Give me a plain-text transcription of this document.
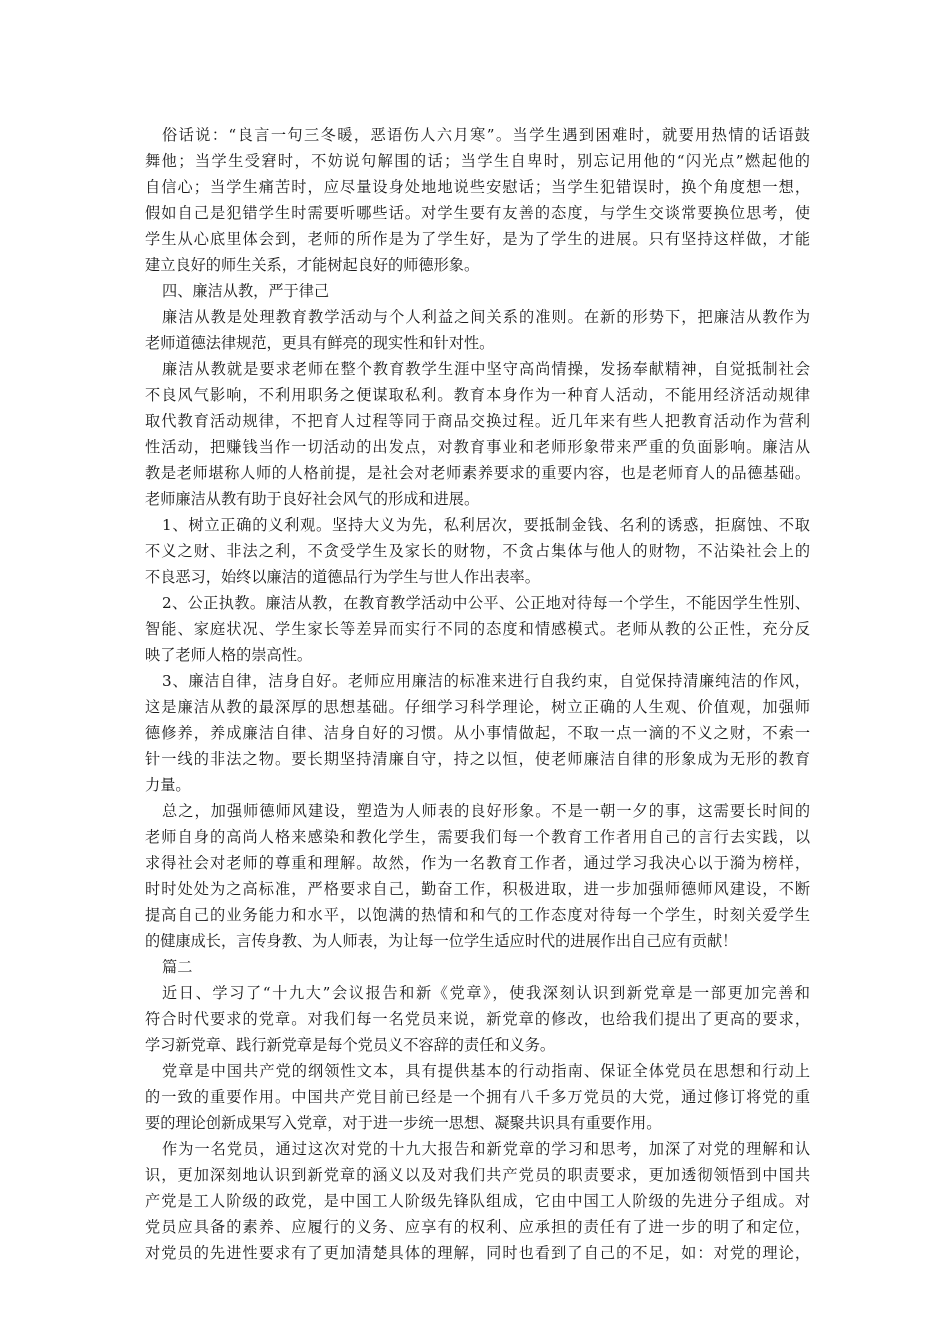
俗话说：“良言一句三冬暖，恶语伤人六月寒”。当学生遇到困难时，就要用热情的话语鼓
舞他；当学生受窘时，不妨说句解围的话；当学生自卑时，别忘记用他的“闪光点”燃起他的
自信心；当学生痛苦时，应尽量设身处地地说些安慰话；当学生犯错误时，换个角度想一想，
假如自己是犯错学生时需要听哪些话。对学生要有友善的态度，与学生交谈常要换位思考，使
学生从心底里体会到，老师的所作是为了学生好，是为了学生的进展。只有坚持这样做，才能
建立良好的师生关系，才能树起良好的师德形象。
四、廉洁从教，严于律己
廉洁从教是处理教育教学活动与个人利益之间关系的准则。在新的形势下，把廉洁从教作为
老师道德法律规范，更具有鲜亮的现实性和针对性。
廉洁从教就是要求老师在整个教育教学生涯中坚守高尚情操，发扬奉献精神，自觉抵制社会
不良风气影响，不利用职务之便谋取私利。教育本身作为一种育人活动，不能用经济活动规律
取代教育活动规律，不把育人过程等同于商品交换过程。近几年来有些人把教育活动作为营利
性活动，把赚钱当作一切活动的出发点，对教育事业和老师形象带来严重的负面影响。廉洁从
教是老师堪称人师的人格前提，是社会对老师素养要求的重要内容，也是老师育人的品德基础。
老师廉洁从教有助于良好社会风气的形成和进展。
1、树立正确的义利观。坚持大义为先，私利居次，要抵制金钱、名利的诱惑，拒腐蚀、不取
不义之财、非法之利，不贪受学生及家长的财物，不贪占集体与他人的财物，不沾染社会上的
不良恶习，始终以廉洁的道德品行为学生与世人作出表率。
2、公正执教。廉洁从教，在教育教学活动中公平、公正地对待每一个学生，不能因学生性别、
智能、家庭状况、学生家长等差异而实行不同的态度和情感模式。老师从教的公正性，充分反
映了老师人格的崇高性。
3、廉洁自律，洁身自好。老师应用廉洁的标准来进行自我约束，自觉保持清廉纯洁的作风，
这是廉洁从教的最深厚的思想基础。仔细学习科学理论，树立正确的人生观、价值观，加强师
德修养，养成廉洁自律、洁身自好的习惯。从小事情做起，不取一点一滴的不义之财，不索一
针一线的非法之物。要长期坚持清廉自守，持之以恒，使老师廉洁自律的形象成为无形的教育
力量。
总之，加强师德师风建设，塑造为人师表的良好形象。不是一朝一夕的事，这需要长时间的
老师自身的高尚人格来感染和教化学生，需要我们每一个教育工作者用自己的言行去实践，以
求得社会对老师的尊重和理解。故然，作为一名教育工作者，通过学习我决心以于漪为榜样，
时时处处为之高标准，严格要求自己，勤奋工作，积极进取，进一步加强师德师风建设，不断
提高自己的业务能力和水平，以饱满的热情和和气的工作态度对待每一个学生，时刻关爱学生
的健康成长，言传身教、为人师表，为让每一位学生适应时代的进展作出自己应有贡献！
篇二
近日、学习了“十九大”会议报告和新《党章》，使我深刻认识到新党章是一部更加完善和
符合时代要求的党章。对我们每一名党员来说，新党章的修改，也给我们提出了更高的要求，
学习新党章、践行新党章是每个党员义不容辞的责任和义务。
党章是中国共产党的纲领性文本，具有提供基本的行动指南、保证全体党员在思想和行动上
的一致的重要作用。中国共产党目前已经是一个拥有八千多万党员的大党，通过修订将党的重
要的理论创新成果写入党章，对于进一步统一思想、凝聚共识具有重要作用。
作为一名党员，通过这次对党的十九大报告和新党章的学习和思考，加深了对党的理解和认
识，更加深刻地认识到新党章的涵义以及对我们共产党员的职责要求，更加透彻领悟到中国共
产党是工人阶级的政党，是中国工人阶级先锋队组成，它由中国工人阶级的先进分子组成。对
党员应具备的素养、应履行的义务、应享有的权利、应承担的责任有了进一步的明了和定位，
对党员的先进性要求有了更加清楚具体的理解，同时也看到了自己的不足，如：对党的理论，
